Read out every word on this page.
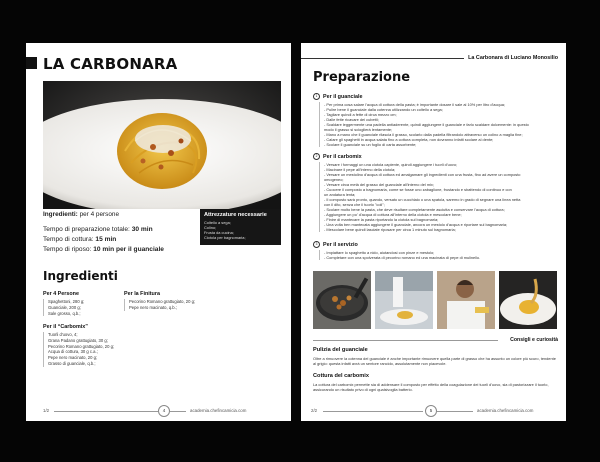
LA CARBONARA
Ingredienti: per 4 persone
Tempo di preparazione totale: 30 min
Tempo di cottura: 15 min
Tempo di riposo: 10 min per il guanciale
Attrezzature necessarie
Coltello a sega;
Colino;
Frusta da cucina;
Ciotola per bagnomaria;
Ingredienti
Per 4 Persone
Spaghettoni, 280 g;
Guanciale, 200 g;
Sale grosso, q.b.;
Per la Finitura
Pecorino Romano grattugiato, 20 g;
Pepe nero macinato, q.b.;
Per il “Carbomix”
Tuorli d'uovo, 4;
Grana Padano grattugiato, 30 g;
Pecorino Romano grattugiato, 20 g;
Acqua di cottura, 30 g c.a.;
Pepe nero macinato, 20 g;
Grasso di guanciale, q.b.;
1/2	4	academia.chefincamicia.com
La Carbonara di Luciano Monosilio
Preparazione
1	Per il guanciale
- Per prima cosa salare l'acqua di cottura della pasta; è importante dosare il sale al 10% per litro d'acqua;
- Pulire bene il guanciale dalla cotenna utilizzando un coltello a sega;
- Tagliare quindi a fette di circa mezzo cm;
- Dalle fette ricavare dei cubetti;
- Scaldare leggermente una padella antiaderente, quindi aggiungere il guanciale e farlo scaldare dolcemente: in questo
modo il grasso si scioglierà lentamente;
- Mano a mano che il guanciale rilascia il grasso, scolarlo dalla padella filtrandolo attraverso un colino a maglia fine;
- Calare gli spaghetti in acqua salata fino a cottura completa, non dovranno infatti scolare al dente;
- Scolare il guanciale su un foglio di carta assorbente;
2	Per il carbomix
- Versare i formaggi un una ciotola capiente, quindi aggiungere i tuorli d'uovo;
- Macinare il pepe all'interno della ciotola;
- Versare un mestolino d'acqua di cottura ed amalgamare gli ingredienti con una frusta, fino ad avere un composto
omogeneo;
- Versare circa metà del grasso del guanciale all'interno del mix;
- Cuocere il composto a bagnomaria, come se fosse uno zabaglione, frustando e sbattendo di continuo e con
un andatura lenta;
- Il composto sarà pronto, quando, versato un cucchiaio o una spatola, saremo in grado di segnare una linea netta
con il dito, senza che il tuorlo "coli";
- Scolare molto bene la pasta, che deve risultare completamente asciutta e conservare l'acqua di cottura;
- Aggiungere un po' d'acqua di cottura all'interno della ciotola e mescolare bene;
- Finire di mantecare la pasta riportando la ciotola sul bagnomaria;
- Una volta ben mantecata aggiungere il guanciale, ancora un mestolo d'acqua e riportare sul bagnomaria;
- Mescolare bene quindi lasciate riposare per circa 1 minuto sul bagnomaria;
3	Per il servizio
- Impiattare lo spaghetto a nido, aiutandosi con pinze e mestolo;
- Completare con una spolverata di pecorino romano ed una macinata di pepe di mulinello.
Consigli e curiosità
Pulizia del guanciale
Oltre a rimuovere la cotenna del guanciale è anche importante rimuovere quella parte di grasso che ha assunto un colore più scuro, tendente al grigio: questa infatti avrà un sentore rancido, assolutamente non piacevole.
Cottura del carbomix
La cottura del carbomix permette sia di addensare il composto per effetto della coagulazione dei tuorli d'uovo, sia di pastorizzare il tuorlo, assicurando un risultato privo di ogni qualsivoglia batterio.
2/2	5	academia.chefincamicia.com
